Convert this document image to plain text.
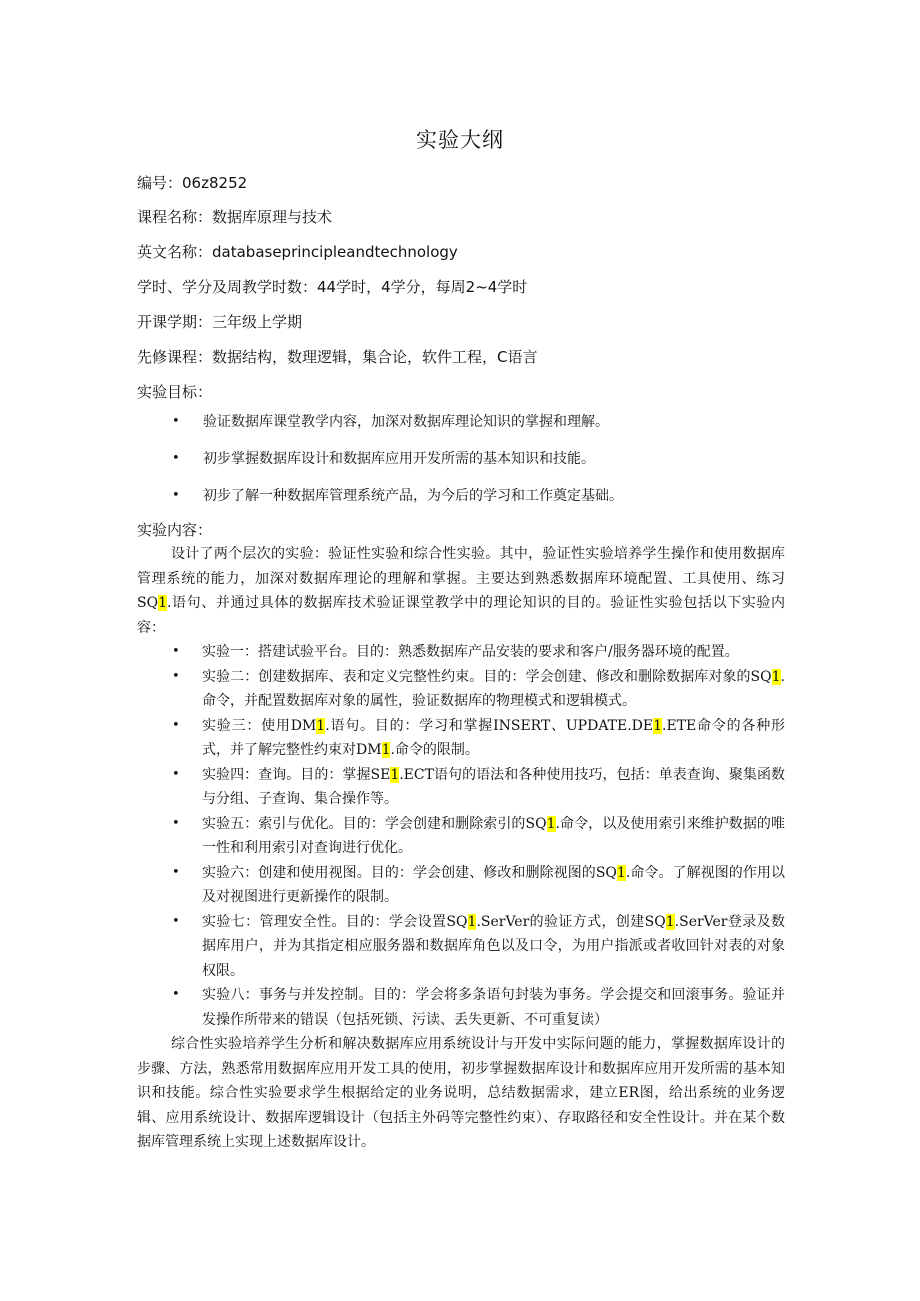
实验大纲
编号：06z8252
课程名称：数据库原理与技术
英文名称：databaseprincipleandtechnology
学时、学分及周教学时数：44学时，4学分，每周2~4学时
开课学期：三年级上学期
先修课程：数据结构，数理逻辑，集合论，软件工程，C语言
实验目标：
• 验证数据库课堂教学内容，加深对数据库理论知识的掌握和理解。
• 初步掌握数据库设计和数据库应用开发所需的基本知识和技能。
• 初步了解一种数据库管理系统产品，为今后的学习和工作奠定基础。
实验内容：

设计了两个层次的实验：验证性实验和综合性实验。其中，验证性实验培养学生操作和使用数据库管理系统的能力，加深对数据库理论的理解和掌握。主要达到熟悉数据库环境配置、工具使用、练习SQ1.语句、并通过具体的数据库技术验证课堂教学中的理论知识的目的。验证性实验包括以下实验内容：

• 实验一：搭建试验平台。目的：熟悉数据库产品安装的要求和客户/服务器环境的配置。
• 实验二：创建数据库、表和定义完整性约束。目的：学会创建、修改和删除数据库对象的SQ1.命令，并配置数据库对象的属性，验证数据库的物理模式和逻辑模式。
• 实验三：使用DM1.语句。目的：学习和掌握INSERT、UPDATE.DE1.ETE命令的各种形式，并了解完整性约束对DM1.命令的限制。
• 实验四：查询。目的：掌握SE1.ECT语句的语法和各种使用技巧，包括：单表查询、聚集函数与分组、子查询、集合操作等。
• 实验五：索引与优化。目的：学会创建和删除索引的SQ1.命令，以及使用索引来维护数据的唯一性和利用索引对查询进行优化。
• 实验六：创建和使用视图。目的：学会创建、修改和删除视图的SQ1.命令。了解视图的作用以及对视图进行更新操作的限制。
• 实验七：管理安全性。目的：学会设置SQ1.SerVer的验证方式，创建SQ1.SerVer登录及数据库用户，并为其指定相应服务器和数据库角色以及口令，为用户指派或者收回针对表的对象权限。
• 实验八：事务与并发控制。目的：学会将多条语句封装为事务。学会提交和回滚事务。验证并发操作所带来的错误（包括死锁、污读、丢失更新、不可重复读）

综合性实验培养学生分析和解决数据库应用系统设计与开发中实际问题的能力，掌握数据库设计的步骤、方法，熟悉常用数据库应用开发工具的使用，初步掌握数据库设计和数据库应用开发所需的基本知识和技能。综合性实验要求学生根据给定的业务说明，总结数据需求，建立ER图，给出系统的业务逻辑、应用系统设计、数据库逻辑设计（包括主外码等完整性约束）、存取路径和安全性设计。并在某个数据库管理系统上实现上述数据库设计。
